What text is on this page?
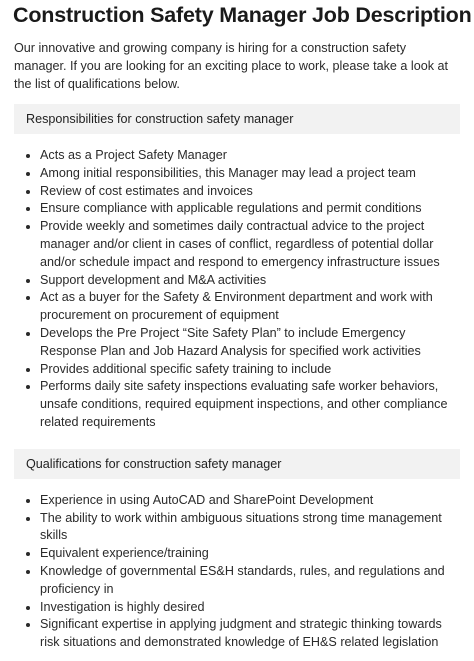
Construction Safety Manager Job Description

Our innovative and growing company is hiring for a construction safety manager. If you are looking for an exciting place to work, please take a look at the list of qualifications below.

Responsibilities for construction safety manager
• Acts as a Project Safety Manager
• Among initial responsibilities, this Manager may lead a project team
• Review of cost estimates and invoices
• Ensure compliance with applicable regulations and permit conditions
• Provide weekly and sometimes daily contractual advice to the project manager and/or client in cases of conflict, regardless of potential dollar and/or schedule impact and respond to emergency infrastructure issues
• Support development and M&A activities
• Act as a buyer for the Safety & Environment department and work with procurement on procurement of equipment
• Develops the Pre Project “Site Safety Plan” to include Emergency Response Plan and Job Hazard Analysis for specified work activities
• Provides additional specific safety training to include
• Performs daily site safety inspections evaluating safe worker behaviors, unsafe conditions, required equipment inspections, and other compliance related requirements
Qualifications for construction safety manager
• Experience in using AutoCAD and SharePoint Development
• The ability to work within ambiguous situations strong time management skills
• Equivalent experience/training
• Knowledge of governmental ES&H standards, rules, and regulations and proficiency in
• Investigation is highly desired
• Significant expertise in applying judgment and strategic thinking towards risk situations and demonstrated knowledge of EH&S related legislation
